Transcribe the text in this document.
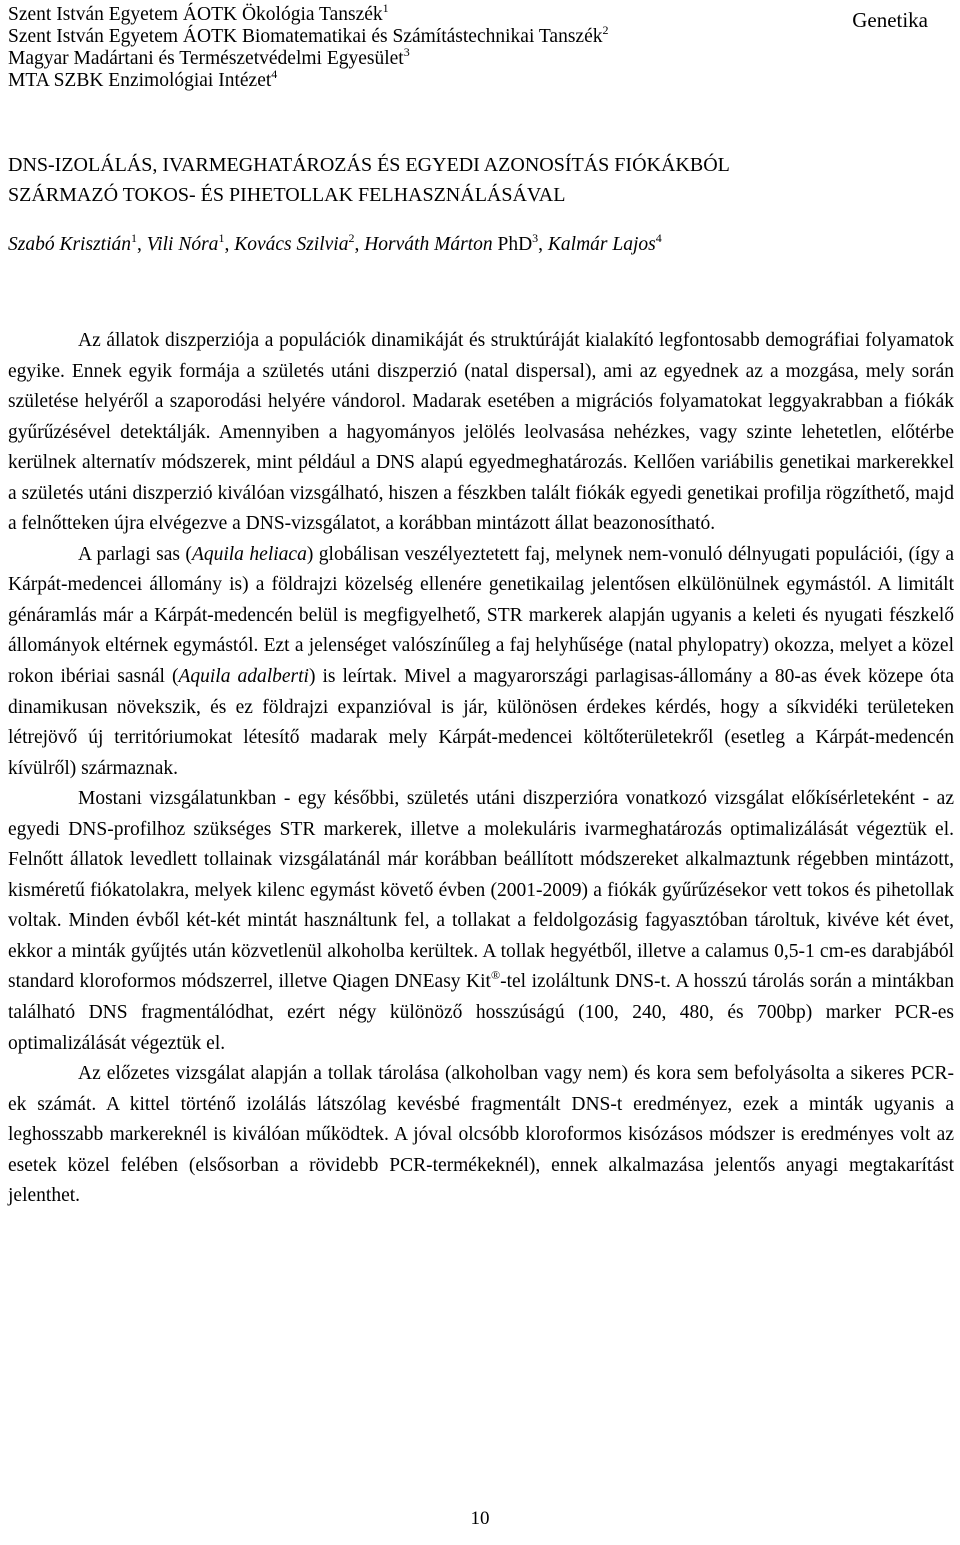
Szent István Egyetem ÁOTK Ökológia Tanszék$^1$
Szent István Egyetem ÁOTK Biomatematikai és Számítástechnikai Tanszék$^2$
Magyar Madártani és Természetvédelmi Egyesület$^3$
MTA SZBK Enzimológiai Intézet$^4$
Genetika
DNS-IZOLÁLÁS, IVARMEGHATÁROZÁS ÉS EGYEDI AZONOSÍTÁS FIÓKÁKBÓL
SZÁRMAZÓ TOKOS- ÉS PIHETOLLAK FELHASZNÁLÁSÁVAL
Szabó Krisztián$^1$, Vili Nóra$^1$, Kovács Szilvia$^2$, Horváth Márton PhD$^3$, Kalmár Lajos$^4$

Az állatok diszperziója a populációk dinamikáját és struktúráját kialakító legfontosabb demográfiai folyamatok egyike. Ennek egyik formája a születés utáni diszperzió (natal dispersal), ami az egyednek az a mozgása, mely során születése helyéről a szaporodási helyére vándorol. Madarak esetében a migrációs folyamatokat leggyakrabban a fiókák gyűrűzésével detektálják. Amennyiben a hagyományos jelölés leolvasása nehézkes, vagy szinte lehetetlen, előtérbe kerülnek alternatív módszerek, mint például a DNS alapú egyedmeghatározás. Kellően variábilis genetikai markerekkel a születés utáni diszperzió kiválóan vizsgálható, hiszen a fészkben talált fiókák egyedi genetikai profilja rögzíthető, majd a felnőtteken újra elvégezve a DNS-vizsgálatot, a korábban mintázott állat beazonosítható.

A parlagi sas (Aquila heliaca) globálisan veszélyeztetett faj, melynek nem-vonuló délnyugati populációi, (így a Kárpát-medencei állomány is) a földrajzi közelség ellenére genetikailag jelentősen elkülönülnek egymástól. A limitált génáramlás már a Kárpát-medencén belül is megfigyelhető, STR markerek alapján ugyanis a keleti és nyugati fészkelő állományok eltérnek egymástól. Ezt a jelenséget valószínűleg a faj helyhűsége (natal phylopatry) okozza, melyet a közel rokon ibériai sasnál (Aquila adalberti) is leírtak. Mivel a magyarországi parlagisas-állomány a 80-as évek közepe óta dinamikusan növekszik, és ez földrajzi expanzióval is jár, különösen érdekes kérdés, hogy a síkvidéki területeken létrejövő új territóriumokat létesítő madarak mely Kárpát-medencei költőterületekről (esetleg a Kárpát-medencén kívülről) származnak.

Mostani vizsgálatunkban - egy későbbi, születés utáni diszperzióra vonatkozó vizsgálat előkísérleteként - az egyedi DNS-profilhoz szükséges STR markerek, illetve a molekuláris ivarmeghatározás optimalizálását végeztük el. Felnőtt állatok levedlett tollainak vizsgálatánál már korábban beállított módszereket alkalmaztunk régebben mintázott, kisméretű fiókatolakra, melyek kilenc egymást követő évben (2001-2009) a fiókák gyűrűzésekor vett tokos és pihetollak voltak. Minden évből két-két mintát használtunk fel, a tollakat a feldolgozásig fagyasztóban tároltuk, kivéve két évet, ekkor a minták gyűjtés után közvetlenül alkoholba kerültek. A tollak hegyétből, illetve a calamus 0,5-1 cm-es darabjából standard kloroformos módszerrel, illetve Qiagen DNEasy Kit®-tel izoláltunk DNS-t. A hosszú tárolás során a mintákban található DNS fragmentálódhat, ezért négy különöző hosszúságú (100, 240, 480, és 700bp) marker PCR-es optimalizálását végeztük el.

Az előzetes vizsgálat alapján a tollak tárolása (alkoholban vagy nem) és kora sem befolyásolta a sikeres PCR-ek számát. A kittel történő izolálás látszólag kevésbé fragmentált DNS-t eredményez, ezek a minták ugyanis a leghosszabb markereknél is kiválóan működtek. A jóval olcsóbb kloroformos kisózásos módszer is eredményes volt az esetek közel felében (elsősorban a rövidebb PCR-termékeknél), ennek alkalmazása jelentős anyagi megtakarítást jelenthet.

10
